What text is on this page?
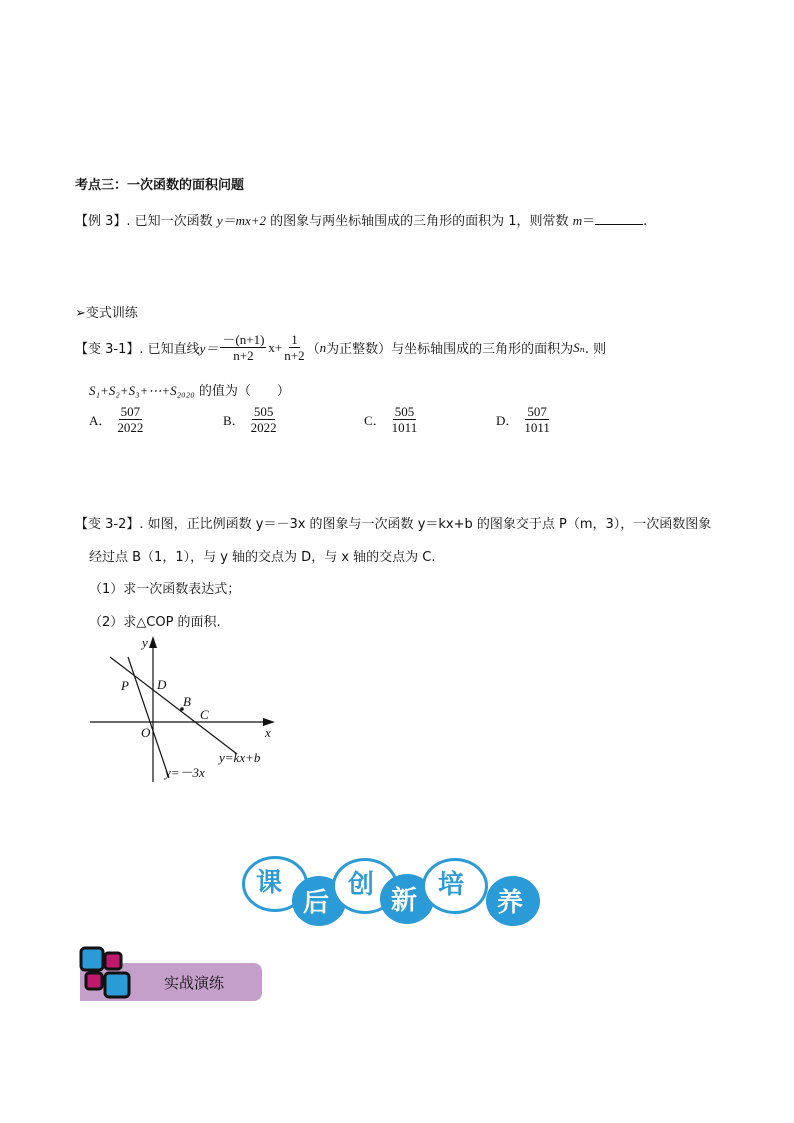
考点三：一次函数的面积问题
【例 3】. 已知一次函数 y＝mx+2 的图象与两坐标轴围成的三角形的面积为 1，则常数 m＝	.
➢变式训练
【变 3-1】 . 已知直线 $y= \frac{-(n+1)}{n+2} x+ \frac{1}{n+2}$ （ n 为正整数）与坐标轴围成的三角形的面积为 Sₙ . 则
S₁+S₂+S₃+⋯+S₂₀₂₀ 的值为（　　）
A． $\frac{507}{2022}$	B． $\frac{505}{2022}$	C． $\frac{505}{1011}$	D． $\frac{507}{1011}$
【变 3-2】. 如图，正比例函数 y＝－3x 的图象与一次函数 y＝kx+b 的图象交于点 P（m，3），一次函数图象
经过点 B（1，1），与 y 轴的交点为 D，与 x 轴的交点为 C.
（1）求一次函数表达式；
（2）求△COP 的面积.
y
x
O
P D
B
C
y=kx+b
y=－3x
课
后
创
新
培
养
实战演练
